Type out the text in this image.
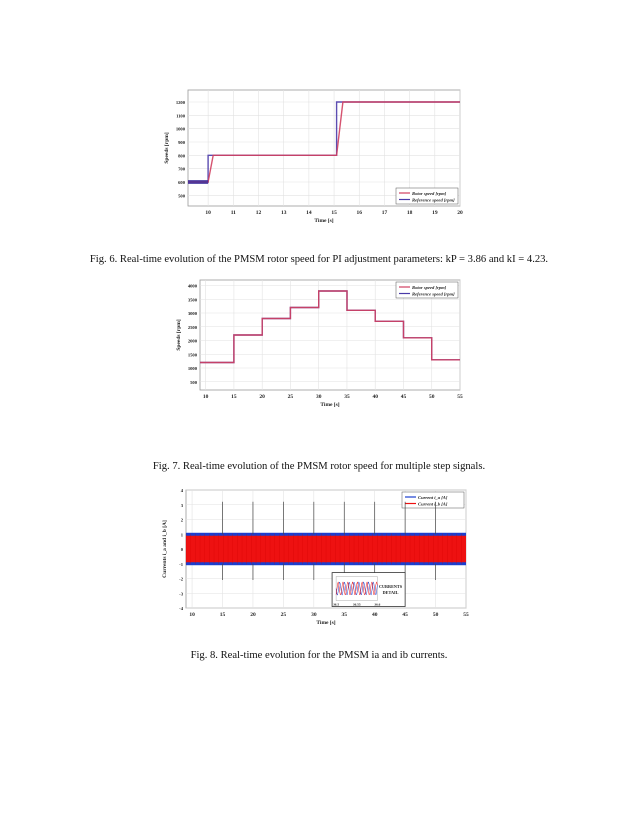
10	11	12	13	14	15	16	17	18	19	20
500
600
700
800
900
1000
1100
1200
Time [s]
Speeds [rpm]
Rotor speed [rpm]
Reference speed [rpm]
Fig. 6. Real-time evolution of the PMSM rotor speed for PI adjustment parameters: kP = 3.86 and kI = 4.23.
10	15	20	25	30	35	40	45	50	55
500
1000
1500
2000
2500
3000
3500
4000
Time [s]
Speeds [rpm]
Rotor speed [rpm]
Reference speed [rpm]
Fig. 7. Real-time evolution of the PMSM rotor speed for multiple step signals.
10	15	20	25	30	35	40	45	50	55
-4
-3
-2
-1
0
1
2
3
4
Time [s]
Currents i_a and i_b [A]
Current i_a [A]
Current i_b [A]
36.5	36.55	36.6
CURRENTS
DETAIL
Fig. 8. Real-time evolution for the PMSM ia and ib currents.
